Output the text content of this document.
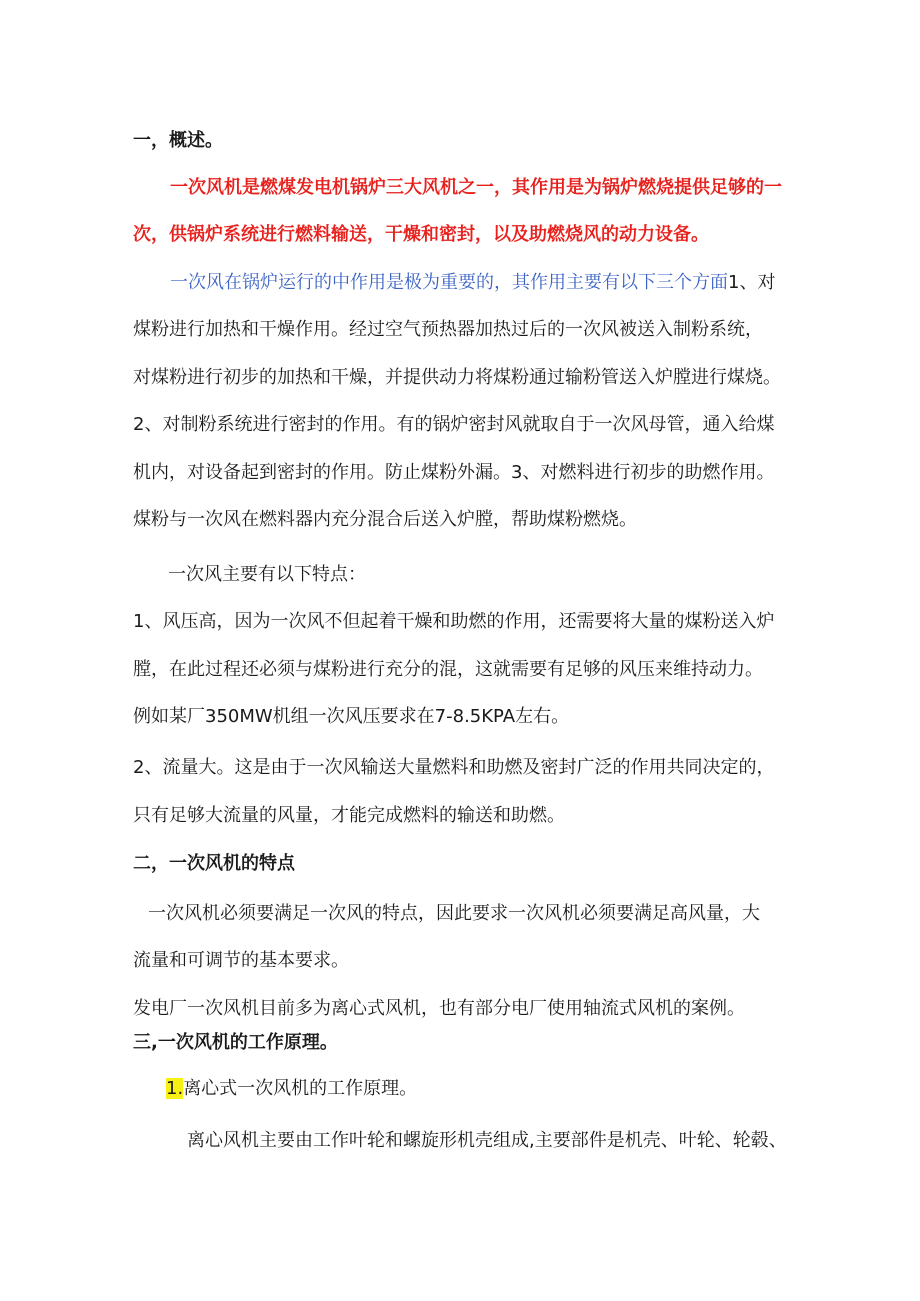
一，概述。
一次风机是燃煤发电机锅炉三大风机之一，其作用是为锅炉燃烧提供足够的一
次，供锅炉系统进行燃料输送，干燥和密封，以及助燃烧风的动力设备。
一次风在锅炉运行的中作用是极为重要的，其作用主要有以下三个方面1、对
煤粉进行加热和干燥作用。经过空气预热器加热过后的一次风被送入制粉系统，
对煤粉进行初步的加热和干燥，并提供动力将煤粉通过输粉管送入炉膛进行煤烧。
2、对制粉系统进行密封的作用。有的锅炉密封风就取自于一次风母管，通入给煤
机内，对设备起到密封的作用。防止煤粉外漏。3、对燃料进行初步的助燃作用。
煤粉与一次风在燃料器内充分混合后送入炉膛，帮助煤粉燃烧。
一次风主要有以下特点：
1、风压高，因为一次风不但起着干燥和助燃的作用，还需要将大量的煤粉送入炉
膛，在此过程还必须与煤粉进行充分的混，这就需要有足够的风压来维持动力。
例如某厂350MW机组一次风压要求在7-8.5KPA左右。
2、流量大。这是由于一次风输送大量燃料和助燃及密封广泛的作用共同决定的，
只有足够大流量的风量，才能完成燃料的输送和助燃。
二，一次风机的特点
一次风机必须要满足一次风的特点，因此要求一次风机必须要满足高风量，大
流量和可调节的基本要求。
发电厂一次风机目前多为离心式风机，也有部分电厂使用轴流式风机的案例。
三,一次风机的工作原理。
1.离心式一次风机的工作原理。
离心风机主要由工作叶轮和螺旋形机壳组成,主要部件是机壳、叶轮、轮毂、
